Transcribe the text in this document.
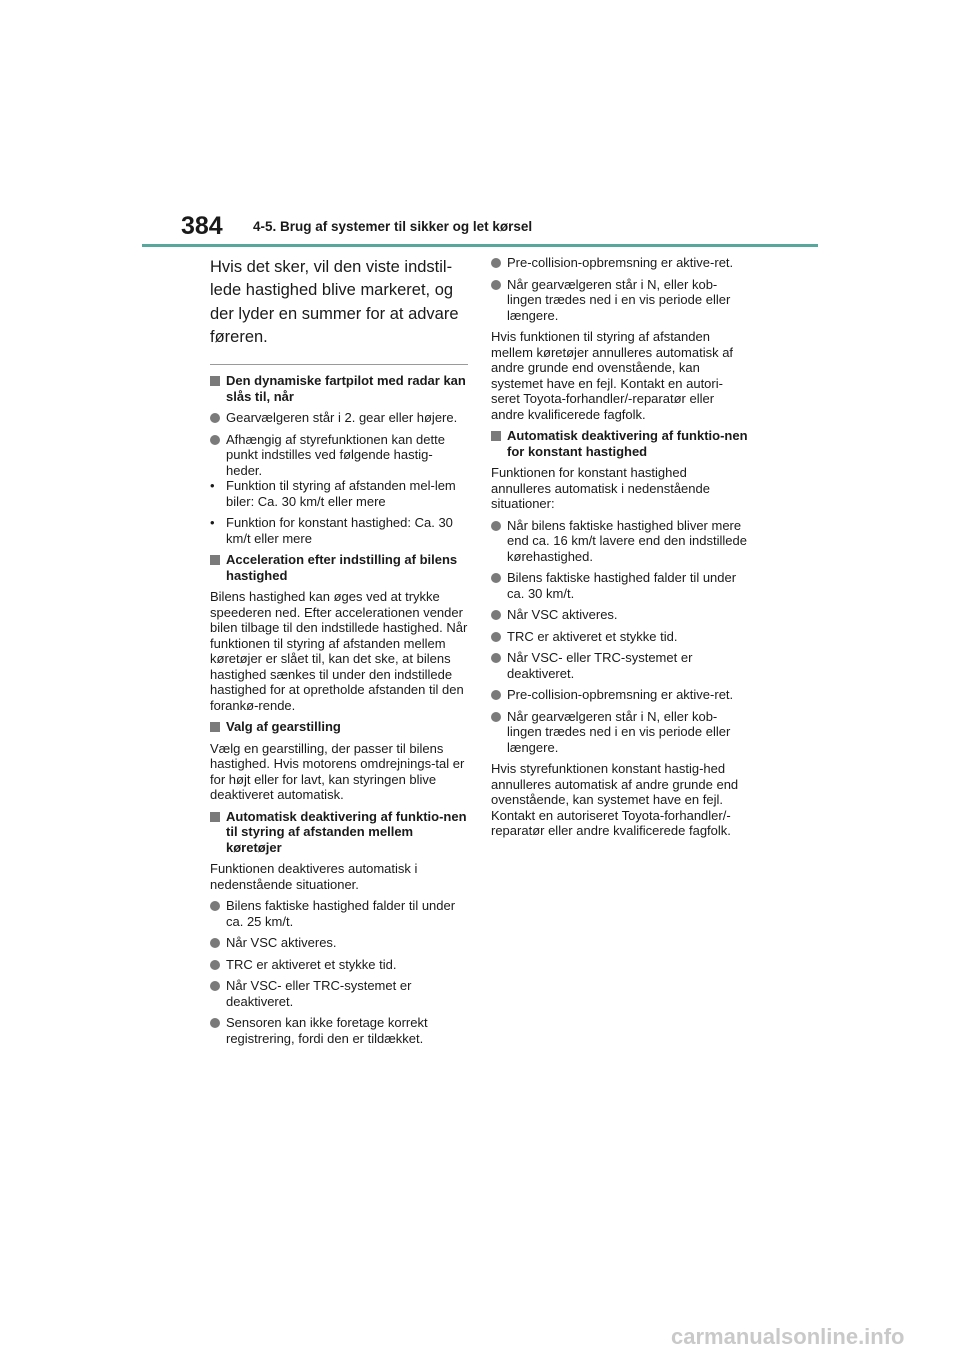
384 4-5. Brug af systemer til sikker og let kørsel

Hvis det sker, vil den viste indstil-lede hastighed blive markeret, og der lyder en summer for at advare føreren.

Den dynamiske fartpilot med radar kan slås til, når
Gearvælgeren står i 2. gear eller højere.
Afhængig af styrefunktionen kan dette punkt indstilles ved følgende hastig-heder.
• Funktion til styring af afstanden mel-lem biler: Ca. 30 km/t eller mere
• Funktion for konstant hastighed: Ca. 30 km/t eller mere
Acceleration efter indstilling af bilens hastighed

Bilens hastighed kan øges ved at trykke speederen ned. Efter accelerationen vender bilen tilbage til den indstillede hastighed. Når funktionen til styring af afstanden mellem køretøjer er slået til, kan det ske, at bilens hastighed sænkes til under den indstillede hastighed for at opretholde afstanden til den forankø-rende.

Valg af gearstilling

Vælg en gearstilling, der passer til bilens hastighed. Hvis motorens omdrejnings-tal er for højt eller for lavt, kan styringen blive deaktiveret automatisk.

Automatisk deaktivering af funktio-nen til styring af afstanden mellem køretøjer

Funktionen deaktiveres automatisk i nedenstående situationer.

Bilens faktiske hastighed falder til under ca. 25 km/t.
Når VSC aktiveres.
TRC er aktiveret et stykke tid.
Når VSC- eller TRC-systemet er deaktiveret.
Sensoren kan ikke foretage korrekt registrering, fordi den er tildækket.
Pre-collision-opbremsning er aktive-ret.
Når gearvælgeren står i N, eller kob-lingen trædes ned i en vis periode eller længere.

Hvis funktionen til styring af afstanden mellem køretøjer annulleres automatisk af andre grunde end ovenstående, kan systemet have en fejl. Kontakt en autori-seret Toyota-forhandler/-reparatør eller andre kvalificerede fagfolk.

Automatisk deaktivering af funktio-nen for konstant hastighed

Funktionen for konstant hastighed annulleres automatisk i nedenstående situationer:

Når bilens faktiske hastighed bliver mere end ca. 16 km/t lavere end den indstillede kørehastighed.
Bilens faktiske hastighed falder til under ca. 30 km/t.
Når VSC aktiveres.
TRC er aktiveret et stykke tid.
Når VSC- eller TRC-systemet er deaktiveret.
Pre-collision-opbremsning er aktive-ret.
Når gearvælgeren står i N, eller kob-lingen trædes ned i en vis periode eller længere.

Hvis styrefunktionen konstant hastig-hed annulleres automatisk af andre grunde end ovenstående, kan systemet have en fejl. Kontakt en autoriseret Toyota-forhandler/-reparatør eller andre kvalificerede fagfolk.

carmanualsonline.info
